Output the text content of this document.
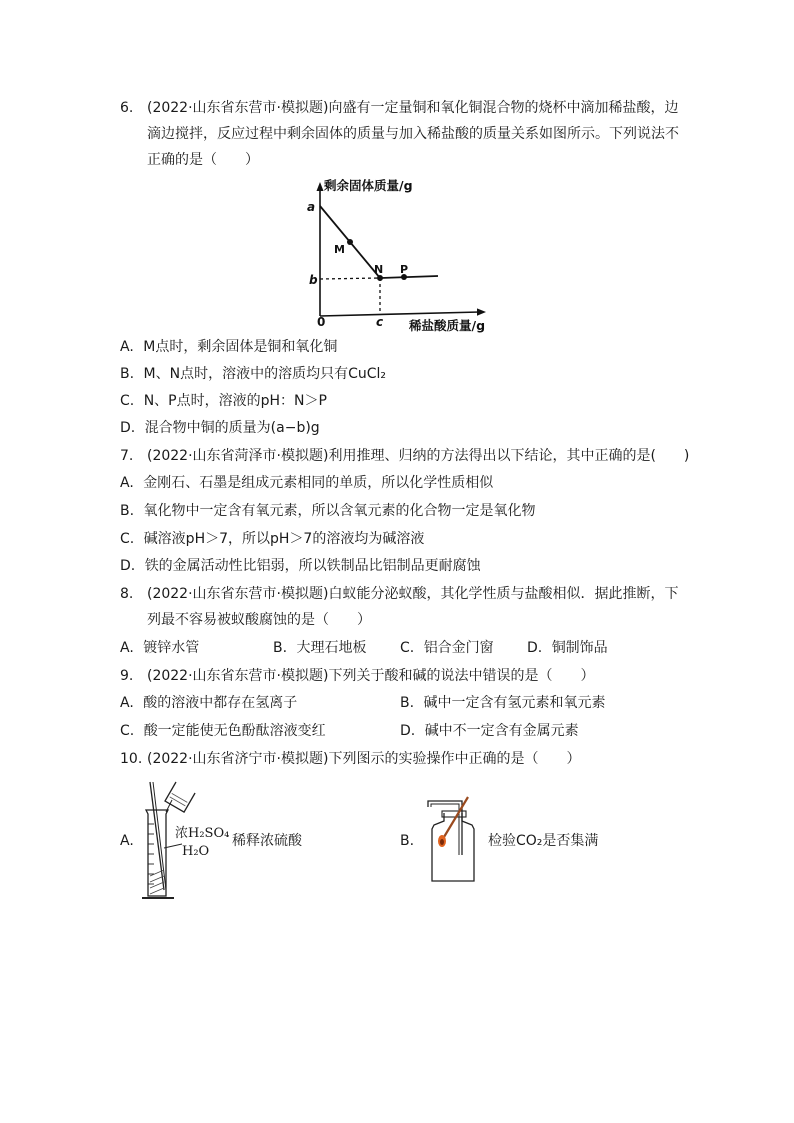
6. (2022·山东省东营市·模拟题)向盛有一定量铜和氧化铜混合物的烧杯中滴加稀盐酸，边
滴边搅拌，反应过程中剩余固体的质量与加入稀盐酸的质量关系如图所示。下列说法不
正确的是（　　）
剩余固体质量/g
a
b
0	c
M
N P
稀盐酸质量/g
A. M点时，剩余固体是铜和氧化铜
B. M、N点时，溶液中的溶质均只有CuCl₂
C. N、P点时，溶液的pH：N＞P
D. 混合物中铜的质量为(a−b)g
7. (2022·山东省菏泽市·模拟题)利用推理、归纳的方法得出以下结论，其中正确的是(　　)
A. 金刚石、石墨是组成元素相同的单质，所以化学性质相似
B. 氧化物中一定含有氧元素，所以含氧元素的化合物一定是氧化物
C. 碱溶液pH＞7，所以pH＞7的溶液均为碱溶液
D. 铁的金属活动性比铝弱，所以铁制品比铝制品更耐腐蚀
8. (2022·山东省东营市·模拟题)白蚁能分泌蚁酸，其化学性质与盐酸相似．据此推断，下
列最不容易被蚁酸腐蚀的是（　　）
A. 镀锌水管	B. 大理石地板 C. 铝合金门窗 D. 铜制饰品
9. (2022·山东省东营市·模拟题)下列关于酸和碱的说法中错误的是（　　）
A. 酸的溶液中都存在氢离子	B. 碱中一定含有氢元素和氧元素
C. 酸一定能使无色酚酞溶液变红	D. 碱中不一定含有金属元素
10. (2022·山东省济宁市·模拟题)下列图示的实验操作中正确的是（　　）
A.	浓H₂SO₄
H₂O
稀释浓硫酸	B.	检验CO₂是否集满
